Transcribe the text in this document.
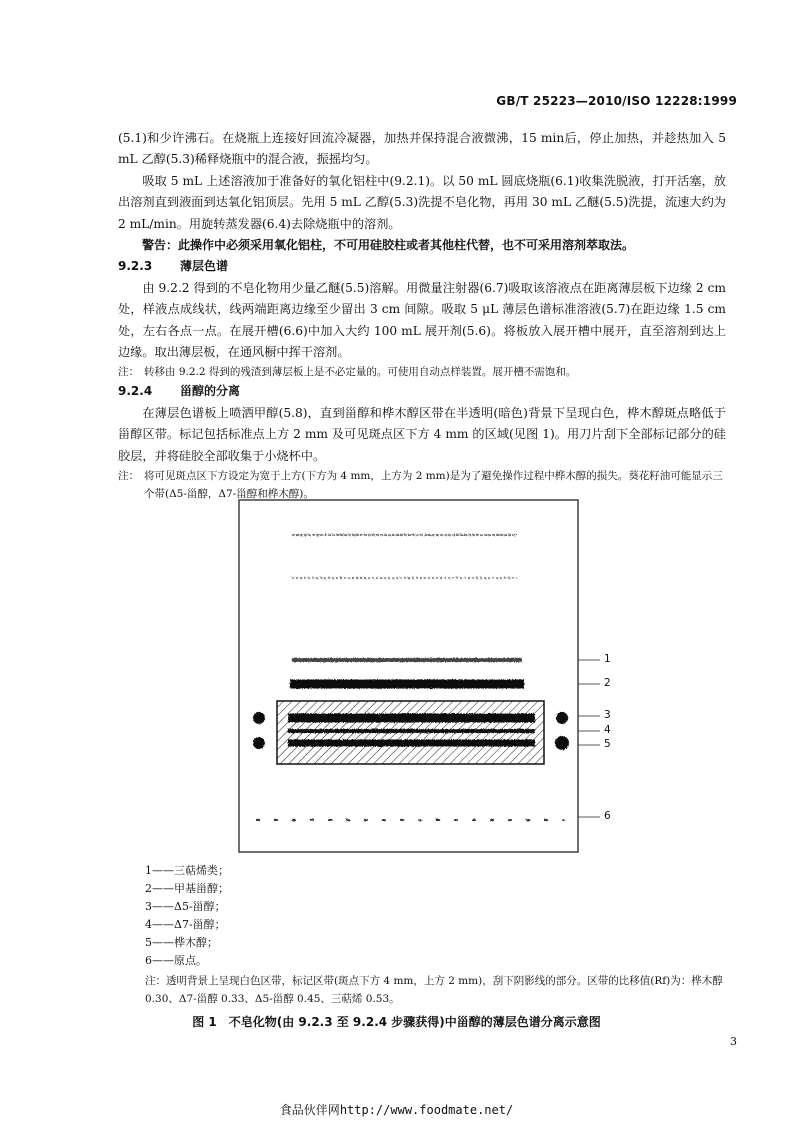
GB/T 25223—2010/ISO 12228:1999

(5.1)和少许沸石。在烧瓶上连接好回流冷凝器，加热并保持混合液微沸，15 min后，停止加热，并趁热加入 5 mL 乙醇(5.3)稀释烧瓶中的混合液，振摇均匀。

吸取 5 mL 上述溶液加于准备好的氧化铝柱中(9.2.1)。以 50 mL 圆底烧瓶(6.1)收集洗脱液，打开活塞，放出溶剂直到液面到达氧化铝顶层。先用 5 mL 乙醇(5.3)洗提不皂化物，再用 30 mL 乙醚(5.5)洗提，流速大约为 2 mL/min。用旋转蒸发器(6.4)去除烧瓶中的溶剂。

警告：此操作中必须采用氧化铝柱，不可用硅胶柱或者其他柱代替，也不可采用溶剂萃取法。

9.2.3 薄层色谱

由 9.2.2 得到的不皂化物用少量乙醚(5.5)溶解。用微量注射器(6.7)吸取该溶液点在距离薄层板下边缘 2 cm 处，样液点成线状，线两端距离边缘至少留出 3 cm 间隙。吸取 5 μL 薄层色谱标准溶液(5.7)在距边缘 1.5 cm 处，左右各点一点。在展开槽(6.6)中加入大约 100 mL 展开剂(5.6)。将板放入展开槽中展开，直至溶剂到达上边缘。取出薄层板，在通风橱中挥干溶剂。

注： 转移由 9.2.2 得到的残渣到薄层板上是不必定量的。可使用自动点样装置。展开槽不需饱和。

9.2.4 甾醇的分离

在薄层色谱板上喷洒甲醇(5.8)，直到甾醇和桦木醇区带在半透明(暗色)背景下呈现白色，桦木醇斑点略低于甾醇区带。标记包括标准点上方 2 mm 及可见斑点区下方 4 mm 的区域(见图 1)。用刀片刮下全部标记部分的硅胶层，并将硅胶全部收集于小烧杯中。

注： 将可见斑点区下方设定为宽于上方(下方为 4 mm，上方为 2 mm)是为了避免操作过程中桦木醇的损失。葵花籽油可能显示三个带(Δ5-甾醇，Δ7-甾醇和桦木醇)。

1
2
3
4
5
6
1——三萜烯类；
2——甲基甾醇；
3——Δ5-甾醇；
4——Δ7-甾醇；
5——桦木醇；
6——原点。
注：透明背景上呈现白色区带，标记区带(斑点下方 4 mm，上方 2 mm)，刮下阴影线的部分。区带的比移值(Rf)为：桦木醇 0.30、Δ7-甾醇 0.33、Δ5-甾醇 0.45、三萜烯 0.53。
图 1　不皂化物(由 9.2.3 至 9.2.4 步骤获得)中甾醇的薄层色谱分离示意图
3
食品伙伴网http://www.foodmate.net/
